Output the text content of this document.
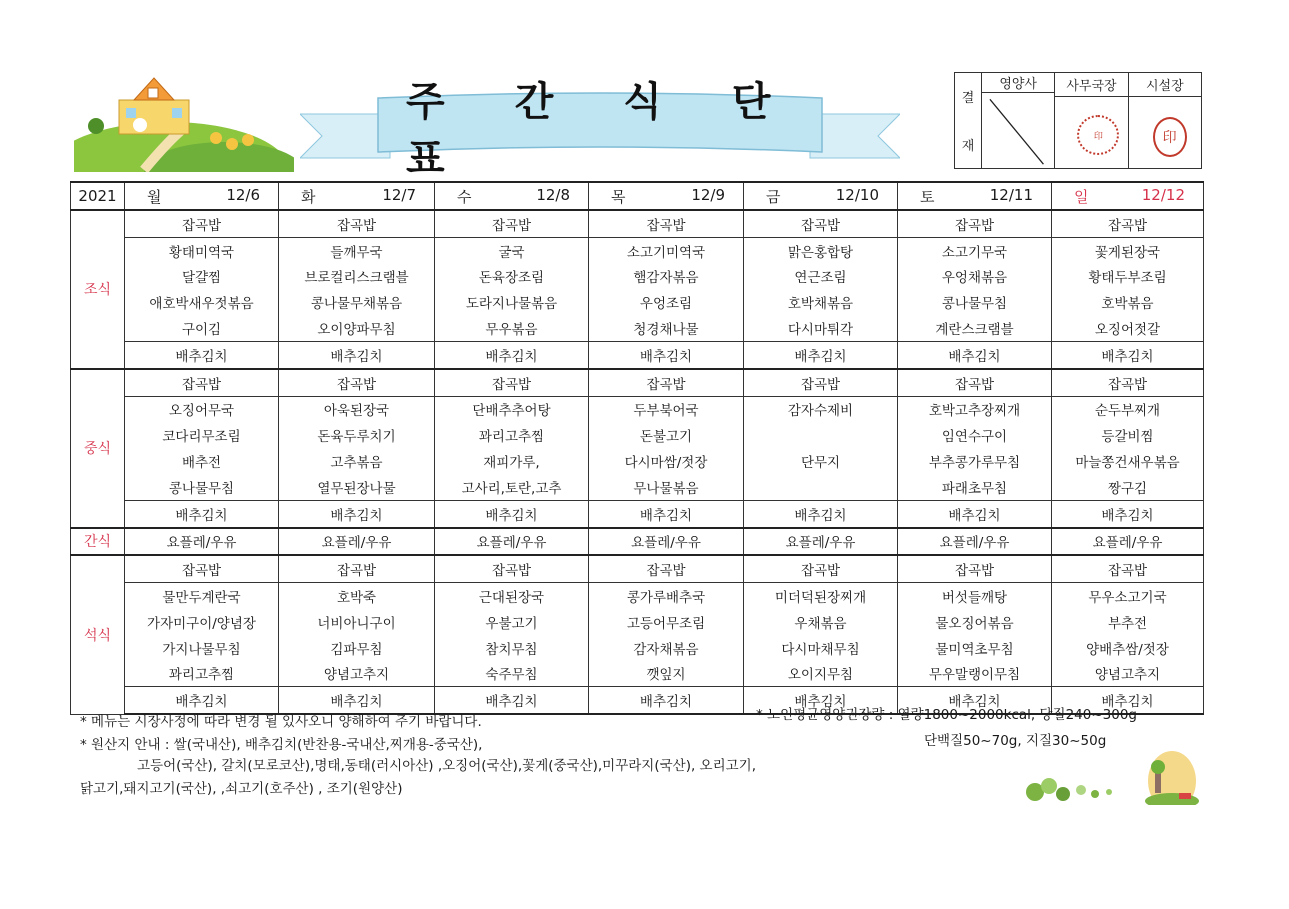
주 간 식 단 표
결
재
영양사	사무국장
印
시설장
印
2021	월 12/6	화 12/7	수 12/8	목 12/9	금 12/10	토 12/11	일 12/12

조식	잡곡밥	잡곡밥	잡곡밥	잡곡밥	잡곡밥	잡곡밥	잡곡밥
	황태미역국	들깨무국	굴국	소고기미역국	맑은홍합탕	소고기무국	꽃게된장국
	달걀찜	브로컬리스크램블	돈육장조림	햄감자볶음	연근조림	우엉채볶음	황태두부조림
	애호박새우젓볶음	콩나물무채볶음	도라지나물볶음	우엉조림	호박채볶음	콩나물무침	호박볶음
	구이김	오이양파무침	무우볶음	청경채나물	다시마튀각	계란스크램블	오징어젓갈
	배추김치	배추김치	배추김치	배추김치	배추김치	배추김치	배추김치
중식	잡곡밥	잡곡밥	잡곡밥	잡곡밥	잡곡밥	잡곡밥	잡곡밥
	오징어무국	아욱된장국	단배추추어탕	두부북어국	감자수제비	호박고추장찌개	순두부찌개
	코다리무조림	돈육두루치기	꽈리고추찜	돈불고기		임연수구이	등갈비찜
	배추전	고추볶음	재피가루,	다시마쌈/젓장	단무지	부추콩가루무침	마늘쫑건새우볶음
	콩나물무침	열무된장나물	고사리,토란,고추	무나물볶음		파래초무침	짱구김
	배추김치	배추김치	배추김치	배추김치	배추김치	배추김치	배추김치
간식	요플레/우유	요플레/우유	요플레/우유	요플레/우유	요플레/우유	요플레/우유	요플레/우유
석식	잡곡밥	잡곡밥	잡곡밥	잡곡밥	잡곡밥	잡곡밥	잡곡밥
	물만두계란국	호박죽	근대된장국	콩가루배추국	미더덕된장찌개	버섯들깨탕	무우소고기국
	가자미구이/양념장	너비아니구이	우불고기	고등어무조림	우채볶음	물오징어볶음	부추전
	가지나물무침	김파무침	참치무침	감자채볶음	다시마채무침	물미역초무침	양배추쌈/젓장
	꽈리고추찜	양념고추지	숙주무침	깻잎지	오이지무침	무우말랭이무침	양념고추지
	배추김치	배추김치	배추김치	배추김치	배추김치	배추김치	배추김치
* 메뉴는 시장사정에 따라 변경 될 있사오니 양해하여 주기 바랍니다.
* 원산지 안내 : 쌀(국내산), 배추김치(반찬용-국내산,찌개용-중국산),
고등어(국산), 갈치(모로코산),명태,동태(러시아산) ,오징어(국산),꽃게(중국산),미꾸라지(국산), 오리고기,
닭고기,돼지고기(국산), ,쇠고기(호주산) , 조기(원양산)
* 노인평균영양권장량 : 열량1800~2000kcal, 당질240~300g
단백질50~70g, 지질30~50g
